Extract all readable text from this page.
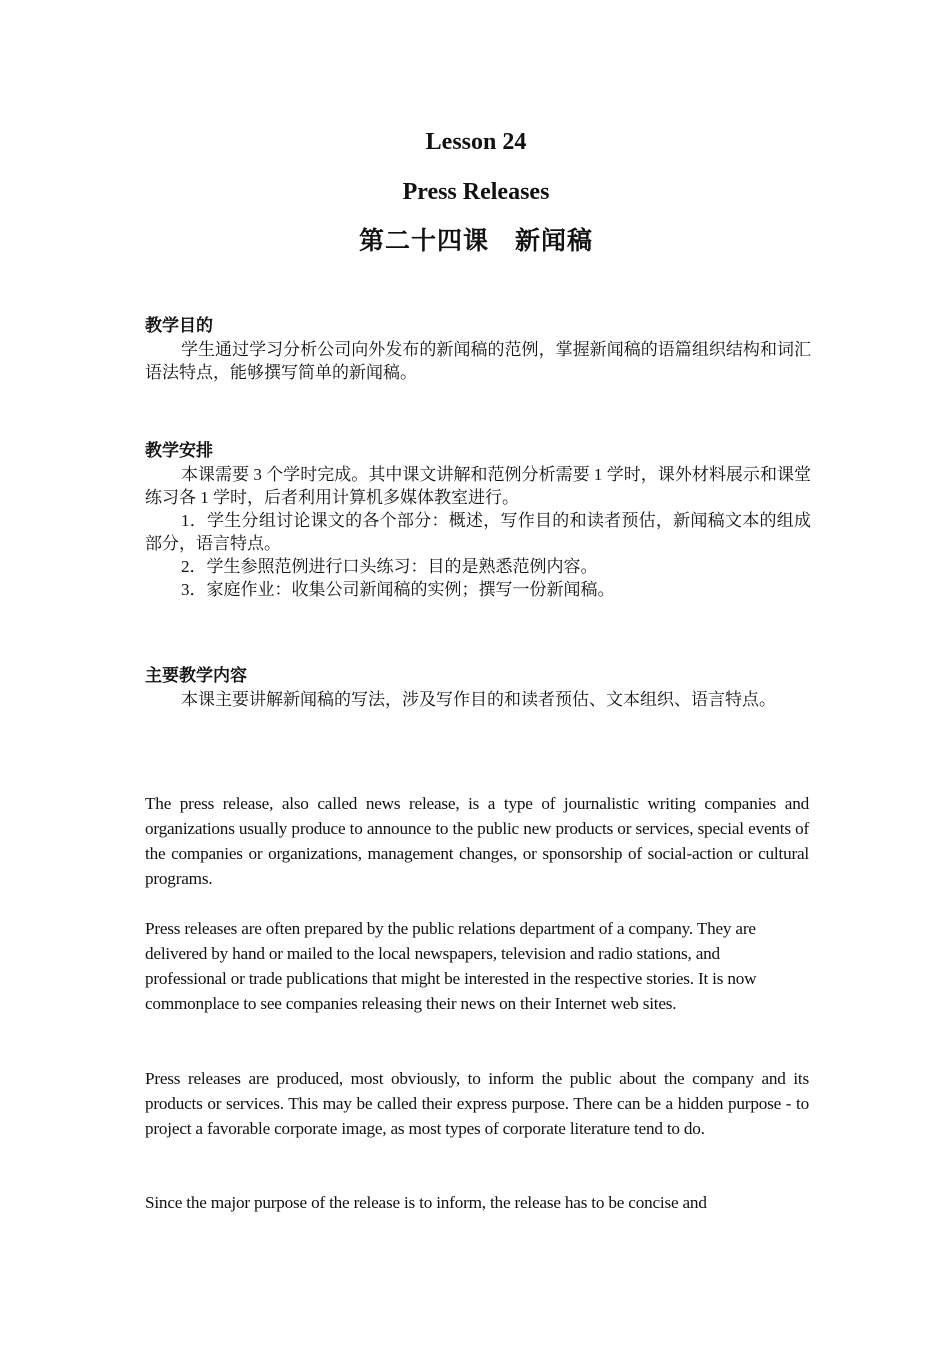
Lesson 24
Press Releases
第二十四课　新闻稿
教学目的
学生通过学习分析公司向外发布的新闻稿的范例，掌握新闻稿的语篇组织结构和词汇语法特点，能够撰写简单的新闻稿。
教学安排
本课需要 3 个学时完成。其中课文讲解和范例分析需要 1 学时，课外材料展示和课堂练习各 1 学时，后者利用计算机多媒体教室进行。
1．学生分组讨论课文的各个部分：概述，写作目的和读者预估，新闻稿文本的组成部分，语言特点。
2．学生参照范例进行口头练习：目的是熟悉范例内容。
3．家庭作业：收集公司新闻稿的实例；撰写一份新闻稿。
主要教学内容
本课主要讲解新闻稿的写法，涉及写作目的和读者预估、文本组织、语言特点。
The press release, also called news release, is a type of journalistic writing companies and organizations usually produce to announce to the public new products or services, special events of the companies or organizations, management changes, or sponsorship of social-action or cultural programs.
Press releases are often prepared by the public relations department of a company. They are delivered by hand or mailed to the local newspapers, television and radio stations, and professional or trade publications that might be interested in the respective stories. It is now commonplace to see companies releasing their news on their Internet web sites.
Press releases are produced, most obviously, to inform the public about the company and its products or services. This may be called their express purpose. There can be a hidden purpose - to project a favorable corporate image, as most types of corporate literature tend to do.
Since the major purpose of the release is to inform, the release has to be concise and
